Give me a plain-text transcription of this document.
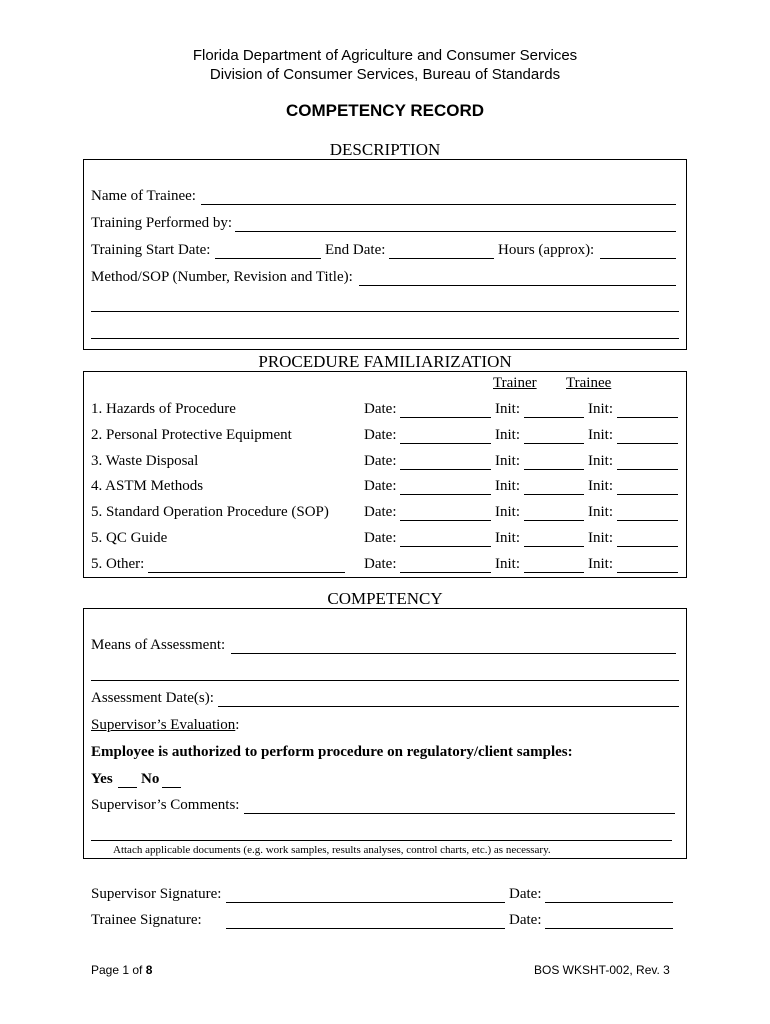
Florida Department of Agriculture and Consumer Services
Division of Consumer Services, Bureau of Standards
COMPETENCY RECORD
DESCRIPTION
Name of Trainee:
Training Performed by:
Training Start Date:	End Date:	Hours (approx):
Method/SOP (Number, Revision and Title):
PROCEDURE FAMILIARIZATION
Trainer Trainee
1. Hazards of Procedure	Date:	Init:	Init:
2. Personal Protective Equipment	Date:	Init:	Init:
3. Waste Disposal	Date:	Init:	Init:
4. ASTM Methods	Date:	Init:	Init:
5. Standard Operation Procedure (SOP) Date:	Init:	Init:
5. QC Guide	Date:	Init:	Init:
5. Other:	Date:	Init:	Init:
COMPETENCY
Means of Assessment:
Assessment Date(s):
Supervisor’s Evaluation:
Employee is authorized to perform procedure on regulatory/client samples:
Yes No
Supervisor’s Comments:
Attach applicable documents (e.g. work samples, results analyses, control charts, etc.) as necessary.
Supervisor Signature:	Date:
Trainee Signature:	Date:
Page 1 of 8	BOS WKSHT-002, Rev. 3
